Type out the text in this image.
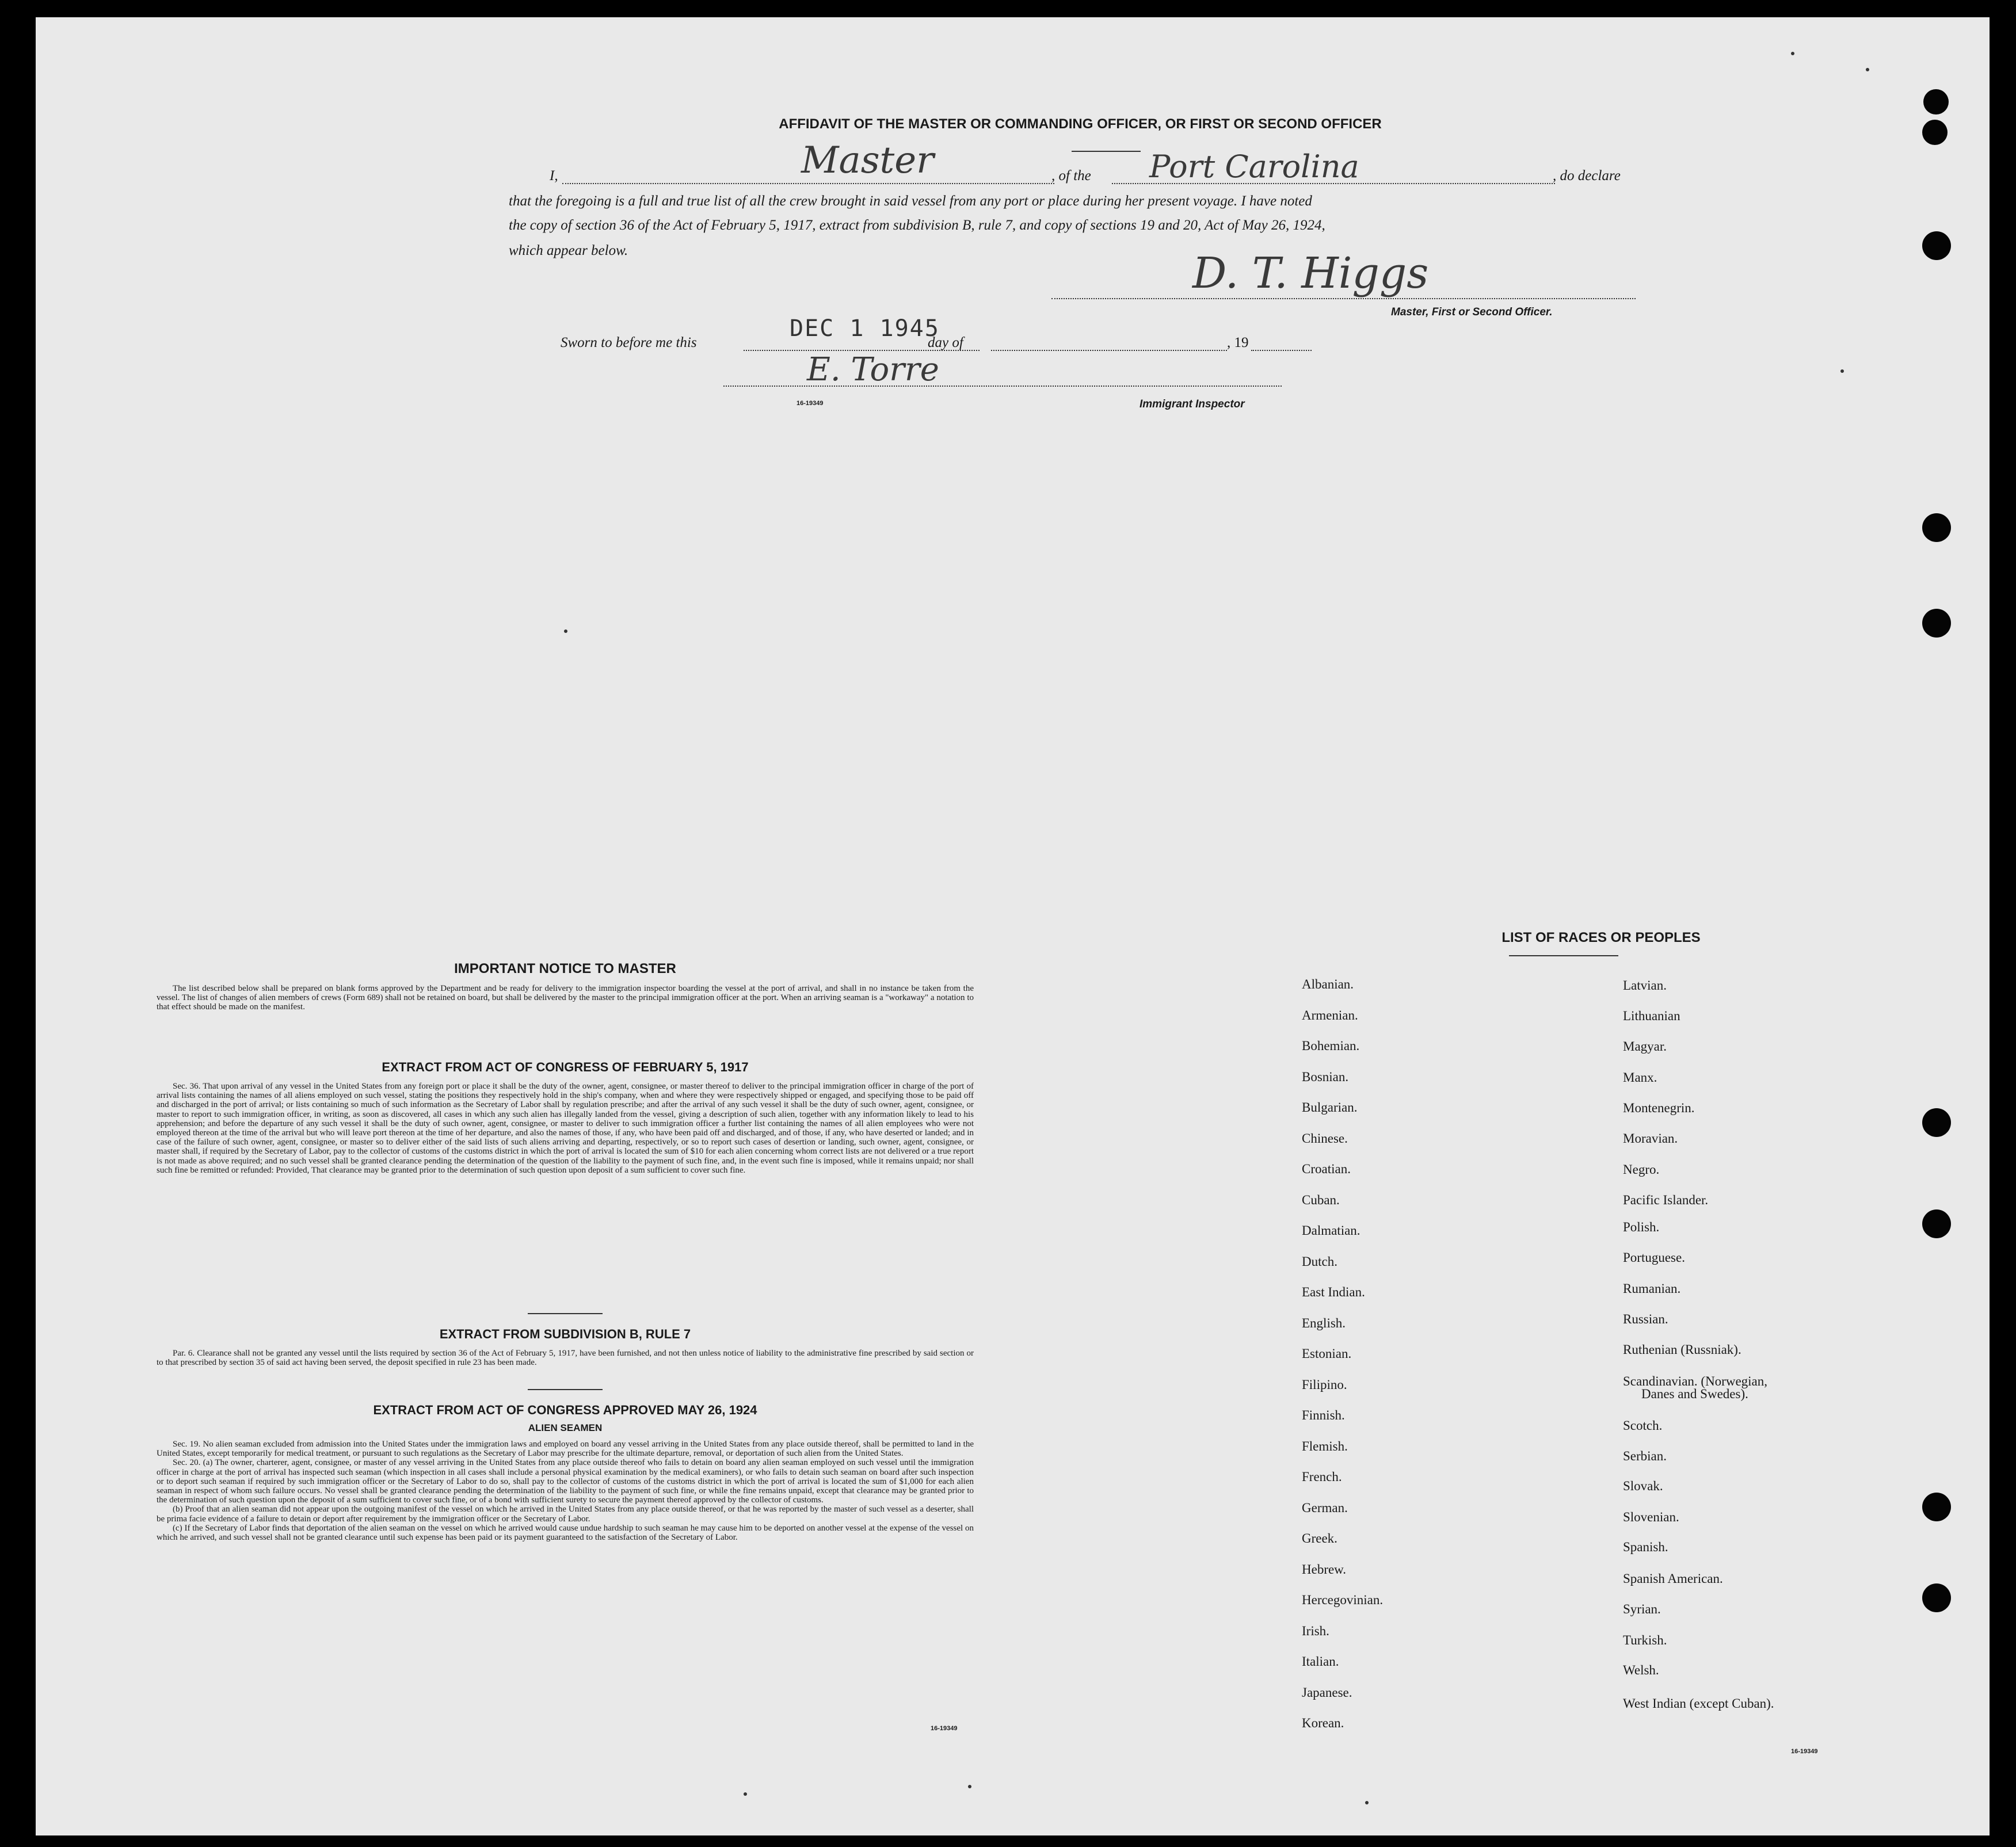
AFFIDAVIT OF THE MASTER OR COMMANDING OFFICER, OR FIRST OR SECOND OFFICER
I,	Master	, of the Port Carolina	, do declare
that the foregoing is a full and true list of all the crew brought in said vessel from any port or place during her present voyage. I have noted
the copy of section 36 of the Act of February 5, 1917, extract from subdivision B, rule 7, and copy of sections 19 and 20, Act of May 26, 1924,
which appear below.	D. T. Higgs
Master, First or Second Officer.
Sworn to before me this
DEC 1 1945
day of	, 19
E. Torre
16-19349	Immigrant Inspector
IMPORTANT NOTICE TO MASTER

The list described below shall be prepared on blank forms approved by the Department and be ready for delivery to the immigration inspector boarding the vessel at the port of arrival, and shall in no instance be taken from the vessel. The list of changes of alien members of crews (Form 689) shall not be retained on board, but shall be delivered by the master to the principal immigration officer at the port. When an arriving seaman is a "workaway" a notation to that effect should be made on the manifest.

EXTRACT FROM ACT OF CONGRESS OF FEBRUARY 5, 1917

Sec. 36. That upon arrival of any vessel in the United States from any foreign port or place it shall be the duty of the owner, agent, consignee, or master thereof to deliver to the principal immigration officer in charge of the port of arrival lists containing the names of all aliens employed on such vessel, stating the positions they respectively hold in the ship's company, when and where they were respectively shipped or engaged, and specifying those to be paid off and discharged in the port of arrival; or lists containing so much of such information as the Secretary of Labor shall by regulation prescribe; and after the arrival of any such vessel it shall be the duty of such owner, agent, consignee, or master to report to such immigration officer, in writing, as soon as discovered, all cases in which any such alien has illegally landed from the vessel, giving a description of such alien, together with any information likely to lead to his apprehension; and before the departure of any such vessel it shall be the duty of such owner, agent, consignee, or master to deliver to such immigration officer a further list containing the names of all alien employees who were not employed thereon at the time of the arrival but who will leave port thereon at the time of her departure, and also the names of those, if any, who have been paid off and discharged, and of those, if any, who have deserted or landed; and in case of the failure of such owner, agent, consignee, or master so to deliver either of the said lists of such aliens arriving and departing, respectively, or so to report such cases of desertion or landing, such owner, agent, consignee, or master shall, if required by the Secretary of Labor, pay to the collector of customs of the customs district in which the port of arrival is located the sum of $10 for each alien concerning whom correct lists are not delivered or a true report is not made as above required; and no such vessel shall be granted clearance pending the determination of the question of the liability to the payment of such fine, and, in the event such fine is imposed, while it remains unpaid; nor shall such fine be remitted or refunded: Provided, That clearance may be granted prior to the determination of such question upon deposit of a sum sufficient to cover such fine.

EXTRACT FROM SUBDIVISION B, RULE 7

Par. 6. Clearance shall not be granted any vessel until the lists required by section 36 of the Act of February 5, 1917, have been furnished, and not then unless notice of liability to the administrative fine prescribed by said section or to that prescribed by section 35 of said act having been served, the deposit specified in rule 23 has been made.

EXTRACT FROM ACT OF CONGRESS APPROVED MAY 26, 1924
ALIEN SEAMEN

Sec. 19. No alien seaman excluded from admission into the United States under the immigration laws and employed on board any vessel arriving in the United States from any place outside thereof, shall be permitted to land in the United States, except temporarily for medical treatment, or pursuant to such regulations as the Secretary of Labor may prescribe for the ultimate departure, removal, or deportation of such alien from the United States.

Sec. 20. (a) The owner, charterer, agent, consignee, or master of any vessel arriving in the United States from any place outside thereof who fails to detain on board any alien seaman employed on such vessel until the immigration officer in charge at the port of arrival has inspected such seaman (which inspection in all cases shall include a personal physical examination by the medical examiners), or who fails to detain such seaman on board after such inspection or to deport such seaman if required by such immigration officer or the Secretary of Labor to do so, shall pay to the collector of customs of the customs district in which the port of arrival is located the sum of $1,000 for each alien seaman in respect of whom such failure occurs. No vessel shall be granted clearance pending the determination of the liability to the payment of such fine, or while the fine remains unpaid, except that clearance may be granted prior to the determination of such question upon the deposit of a sum sufficient to cover such fine, or of a bond with sufficient surety to secure the payment thereof approved by the collector of customs.

(b) Proof that an alien seaman did not appear upon the outgoing manifest of the vessel on which he arrived in the United States from any place outside thereof, or that he was reported by the master of such vessel as a deserter, shall be prima facie evidence of a failure to detain or deport after requirement by the immigration officer or the Secretary of Labor.

(c) If the Secretary of Labor finds that deportation of the alien seaman on the vessel on which he arrived would cause undue hardship to such seaman he may cause him to be deported on another vessel at the expense of the vessel on which he arrived, and such vessel shall not be granted clearance until such expense has been paid or its payment guaranteed to the satisfaction of the Secretary of Labor.

16-19349
LIST OF RACES OR PEOPLES
Albanian.
Armenian.
Bohemian.
Bosnian.
Bulgarian.
Chinese.
Croatian.
Cuban.
Dalmatian.
Dutch.
East Indian.
English.
Estonian.
Filipino.
Finnish.
Flemish.
French.
German.
Greek.
Hebrew.
Hercegovinian.
Irish.
Italian.
Japanese.
Korean.
Latvian.
Lithuanian
Magyar.
Manx.
Montenegrin.
Moravian.
Negro.
Pacific Islander.
Polish.
Portuguese.
Rumanian.
Russian.
Ruthenian (Russniak).
Scandinavian. (Norwegian,
Danes and Swedes).
Scotch.
Serbian.
Slovak.
Slovenian.
Spanish.
Spanish American.
Syrian.
Turkish.
Welsh.
West Indian (except Cuban).
16-19349
